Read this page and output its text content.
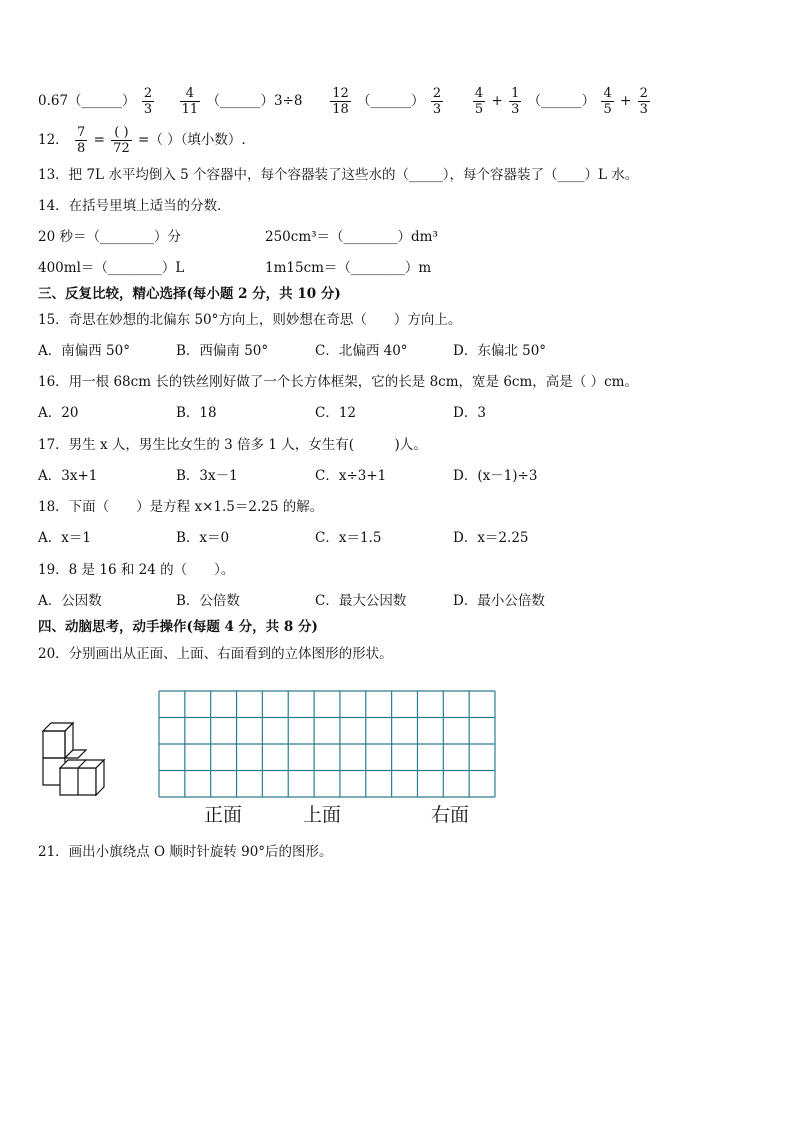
0.67（______） $\frac{2}{3}$
$\frac{4}{11}$ （______）3÷8 $\frac{12}{18}$ （______） $\frac{2}{3}$
$\frac{4}{5} + \frac{1}{3}$ （______） $\frac{4}{5} + \frac{2}{3}$
12． $\frac{7}{8} = \frac{( )}{72}$ =（ ）（填小数）.
13．把 7L 水平均倒入 5 个容器中，每个容器装了这些水的（_____），每个容器装了（____）L 水。
14．在括号里填上适当的分数．
20 秒＝（________）分	250cm³＝（________）dm³
400ml＝（________）L	1m15cm＝（________）m
三、反复比较，精心选择(每小题 2 分，共 10 分)
15．奇思在妙想的北偏东 50°方向上，则妙想在奇思（　　）方向上。
A．南偏西 50°	B．西偏南 50°	C．北偏西 40°	D．东偏北 50°
16．用一根 68cm 长的铁丝刚好做了一个长方体框架，它的长是 8cm，宽是 6cm，高是（ ）cm。
A．20	B．18	C．12	D．3
17．男生 x 人，男生比女生的 3 倍多 1 人，女生有(　　　)人。
A．3x+1	B．3x－1	C．x÷3+1	D．(x－1)÷3
18．下面（　　）是方程 x×1.5＝2.25 的解。
A．x＝1	B．x＝0	C．x＝1.5	D．x＝2.25
19．8 是 16 和 24 的（　　）。
A．公因数	B．公倍数	C．最大公因数	D．最小公倍数
四、动脑思考，动手操作(每题 4 分，共 8 分)
20．分别画出从正面、上面、右面看到的立体图形的形状。
正面	上面	右面
21．画出小旗绕点 O 顺时针旋转 90°后的图形。
